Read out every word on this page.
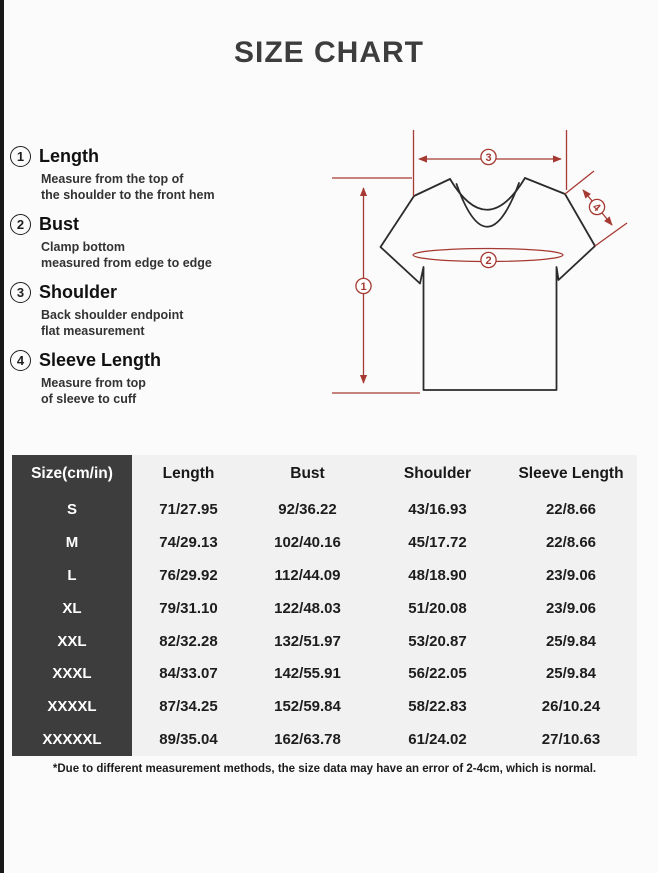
SIZE CHART
1 Length
Measure from the top of
the shoulder to the front hem
2 Bust
Clamp bottom
measured from edge to edge
3 Shoulder
Back shoulder endpoint
flat measurement
4 Sleeve Length
Measure from top
of sleeve to cuff
1
2
3
4
Size(cm/in)	Length	Bust	Shoulder	Sleeve Length
S	71/27.95	92/36.22	43/16.93	22/8.66
M	74/29.13	102/40.16	45/17.72	22/8.66
L	76/29.92	112/44.09	48/18.90	23/9.06
XL	79/31.10	122/48.03	51/20.08	23/9.06
XXL	82/32.28	132/51.97	53/20.87	25/9.84
XXXL	84/33.07	142/55.91	56/22.05	25/9.84
XXXXL	87/34.25	152/59.84	58/22.83	26/10.24
XXXXXL	89/35.04	162/63.78	61/24.02	27/10.63
*Due to different measurement methods, the size data may have an error of 2-4cm, which is normal.
